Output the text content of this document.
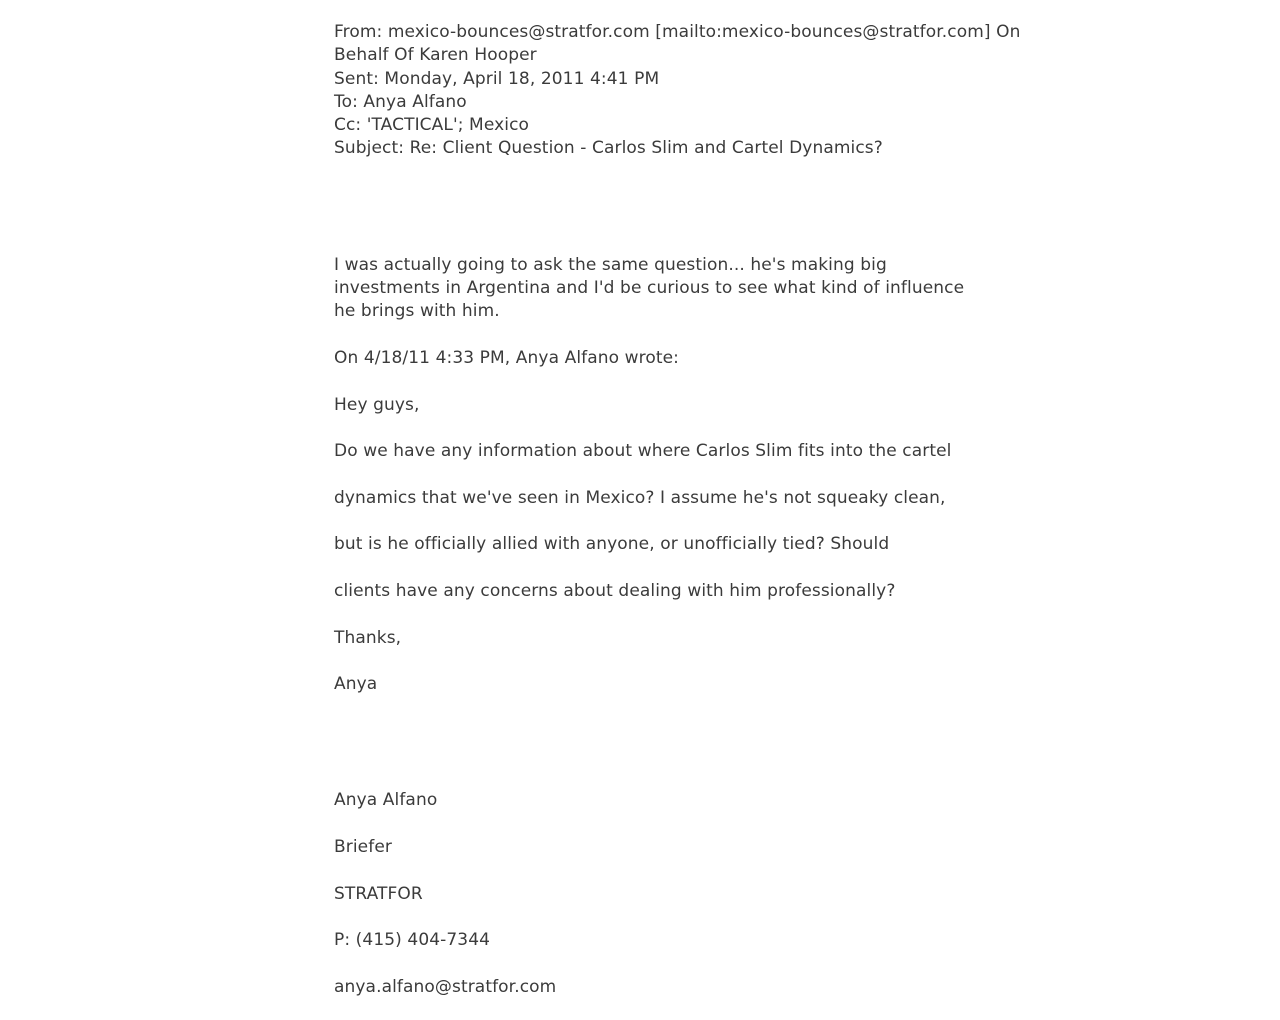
From: mexico-bounces@stratfor.com [mailto:mexico-bounces@stratfor.com] On
Behalf Of Karen Hooper
Sent: Monday, April 18, 2011 4:41 PM
To: Anya Alfano
Cc: 'TACTICAL'; Mexico
Subject: Re: Client Question - Carlos Slim and Cartel Dynamics?
I was actually going to ask the same question... he's making big
investments in Argentina and I'd be curious to see what kind of influence
he brings with him.
On 4/18/11 4:33 PM, Anya Alfano wrote:
Hey guys,
Do we have any information about where Carlos Slim fits into the cartel
dynamics that we've seen in Mexico? I assume he's not squeaky clean,
but is he officially allied with anyone, or unofficially tied? Should
clients have any concerns about dealing with him professionally?
Thanks,
Anya
Anya Alfano
Briefer
STRATFOR
P: (415) 404-7344
anya.alfano@stratfor.com
